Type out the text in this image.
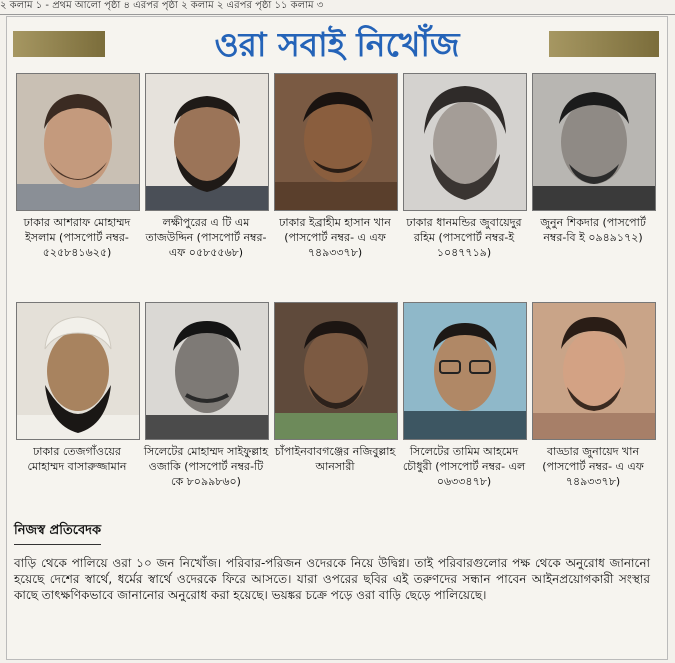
২ কলাম ১ - প্রথম আলো পৃষ্ঠা ৪ এরপর পৃষ্ঠা ২ কলাম ২ এরপর পৃষ্ঠা ১১ কলাম ৩
ওরা সবাই নিখোঁজ
ঢাকার আশরাফ মোহাম্মদ ইসলাম (পাসপোর্ট নম্বর- ৫২৫৮৪১৬২৫)
লক্ষীপুরের এ টি এম তাজউদ্দিন (পাসপোর্ট নম্বর- এফ ০৫৮৫৫৬৮)
ঢাকার ইব্রাহীম হাসান খান (পাসপোর্ট নম্বর- এ এফ ৭৪৯৩৩৭৮)
ঢাকার ধানমন্ডির জুবায়েদুর রহিম (পাসপোর্ট নম্বর-ই ১০৪৭৭১৯)
জুনুন শিকদার (পাসপোর্ট নম্বর-বি ই ০৯৪৯১৭২)
ঢাকার তেজগাঁওয়ের মোহাম্মদ বাসারুজ্জামান
সিলেটের মোহাম্মদ সাইফুল্লাহ ওজাকি (পাসপোর্ট নম্বর-টি কে ৮০৯৯৮৬০)
চাঁপাইনবাবগঞ্জের নজিবুল্লাহ আনসারী
সিলেটের তামিম আহমেদ চৌধুরী (পাসপোর্ট নম্বর- এল ০৬৩৩৪৭৮)
বাড্ডার জুনায়েদ খান (পাসপোর্ট নম্বর- এ এফ ৭৪৯৩৩৭৮)
নিজস্ব প্রতিবেদক
বাড়ি থেকে পালিয়ে ওরা ১০ জন নিখোঁজ। পরিবার-পরিজন ওদেরকে নিয়ে উদ্বিগ্ন। তাই পরিবারগুলোর পক্ষ থেকে অনুরোধ জানানো হয়েছে দেশের স্বার্থে, ধর্মের স্বার্থে ওদেরকে ফিরে আসতে। যারা ওপরের ছবির এই তরুণদের সন্ধান পাবেন আইনপ্রয়োগকারী সংস্থার কাছে তাৎক্ষণিকভাবে জানানোর অনুরোধ করা হয়েছে। ভয়ঙ্কর চক্রে পড়ে ওরা বাড়ি ছেড়ে পালিয়েছে।
